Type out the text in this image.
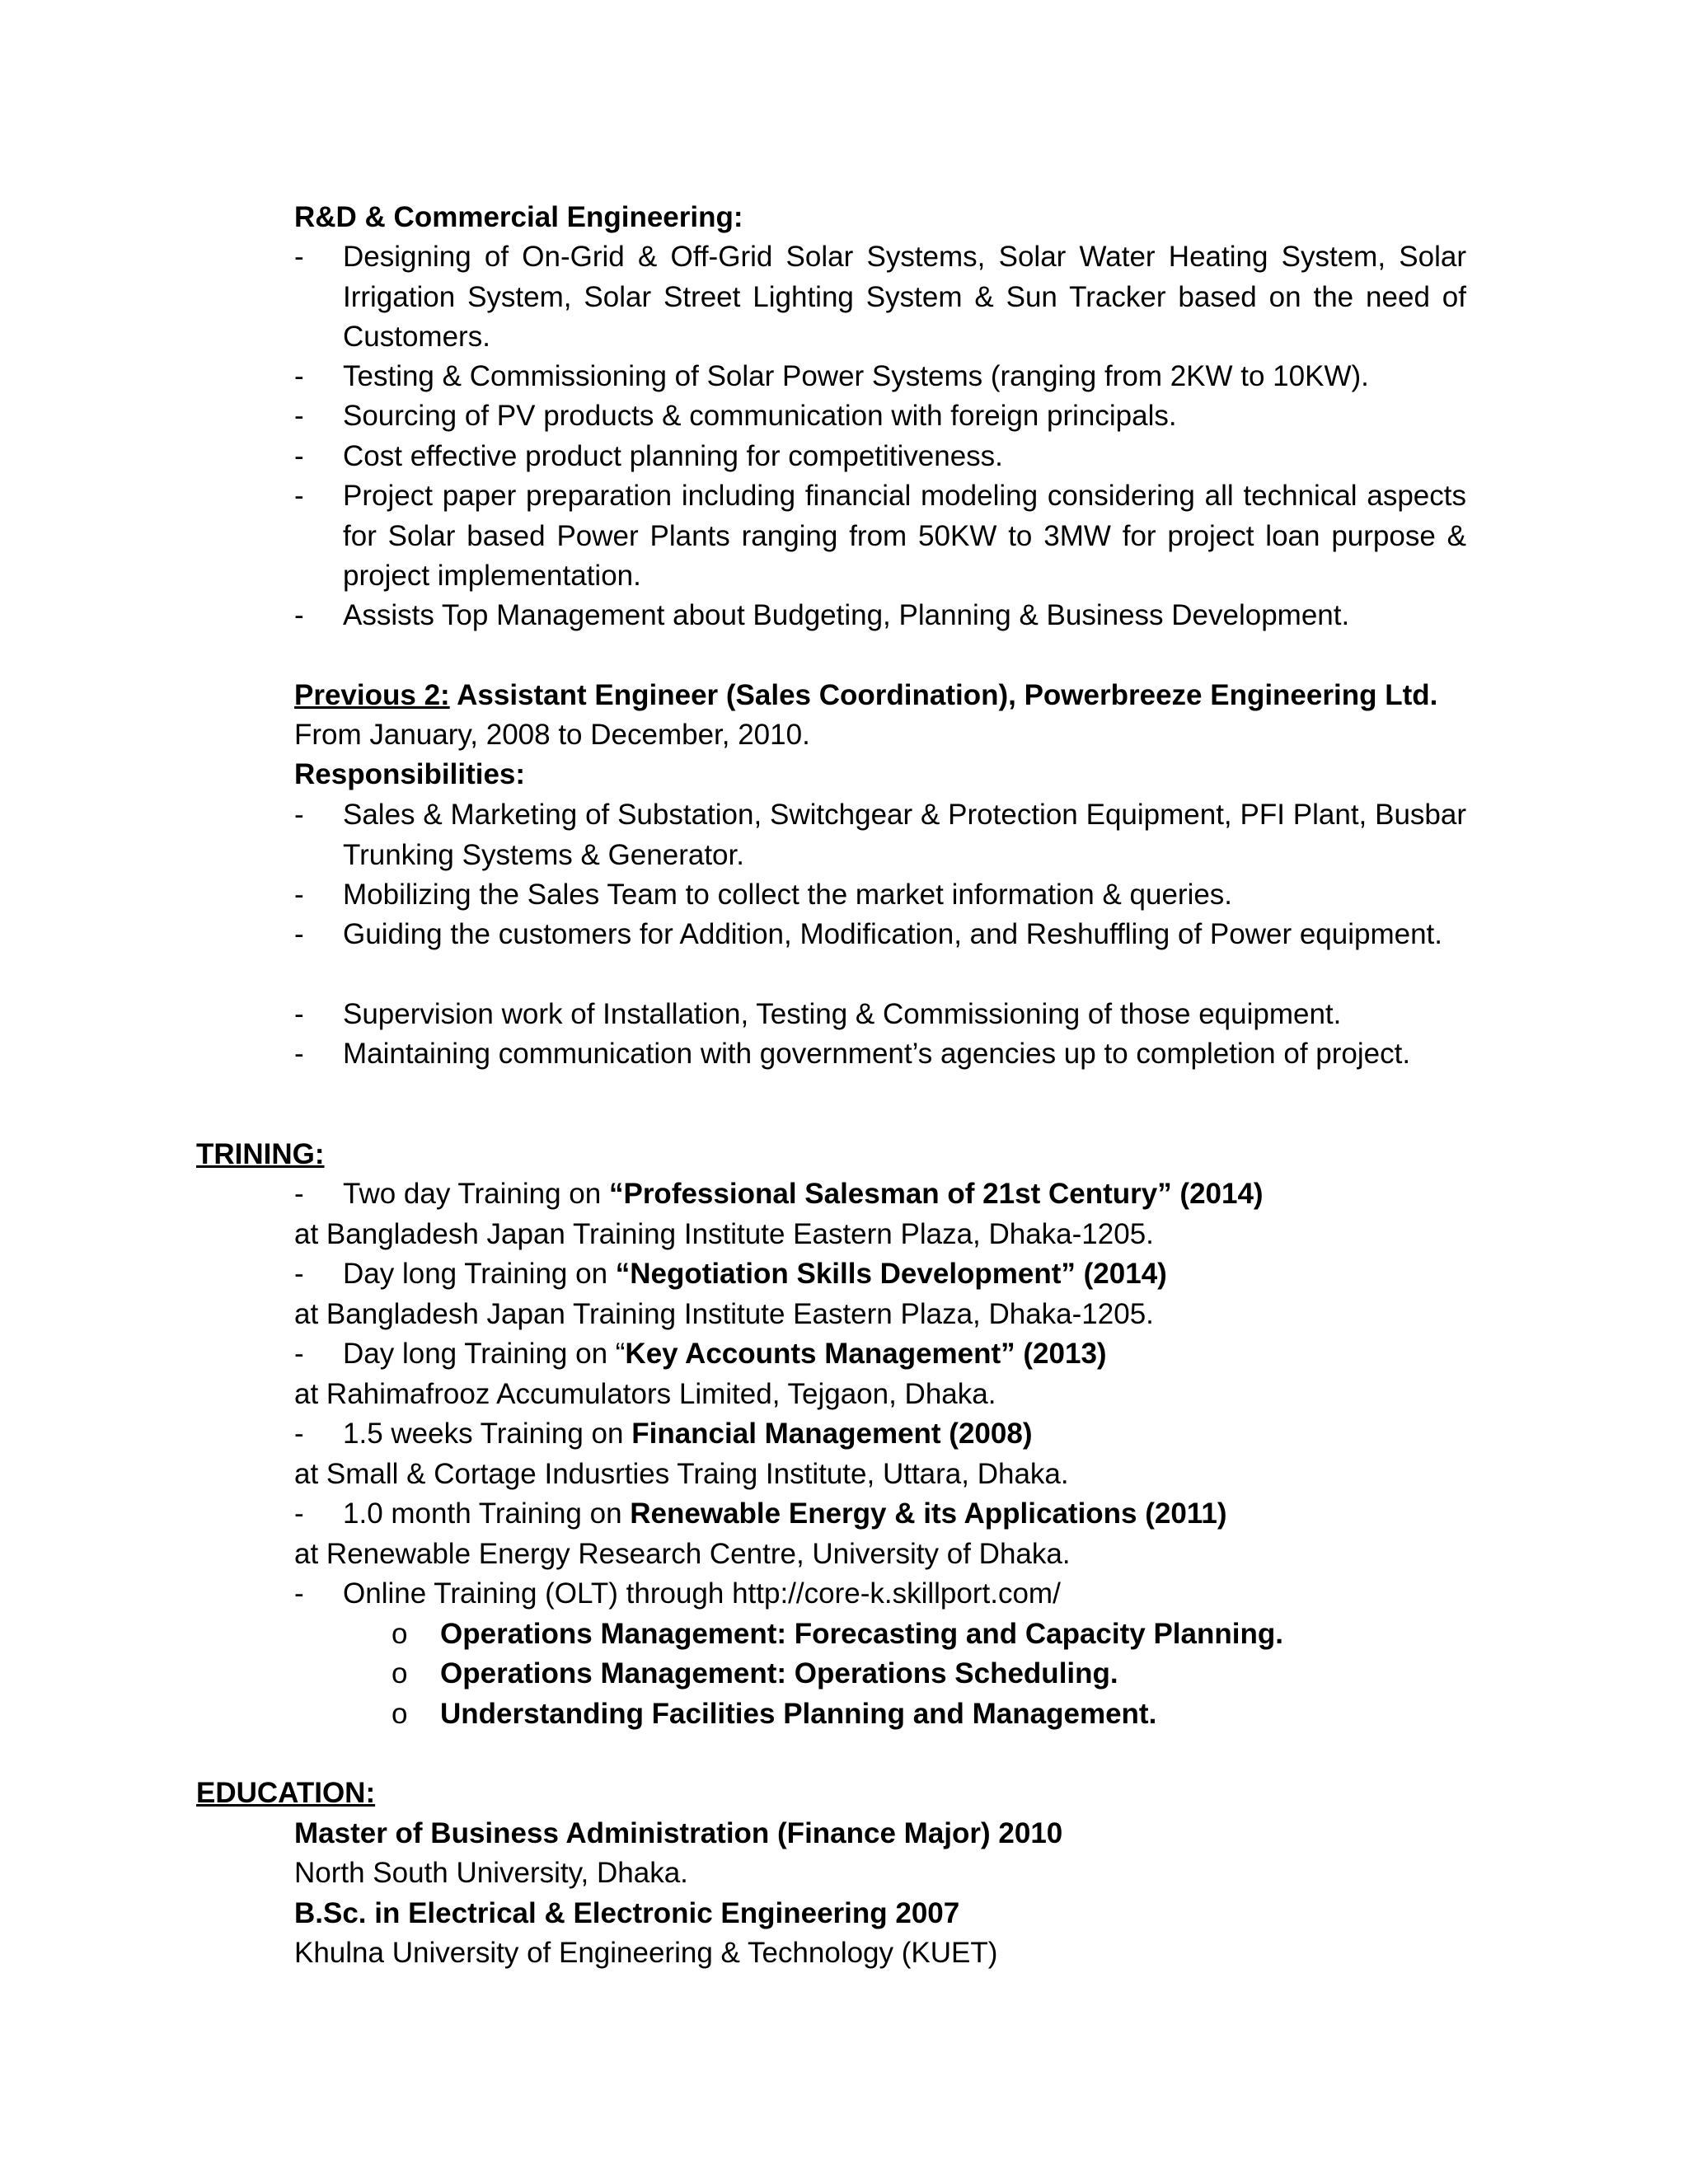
R&D & Commercial Engineering:
-	Designing of On-Grid & Off-Grid Solar Systems, Solar Water Heating System, Solar Irrigation System, Solar Street Lighting System & Sun Tracker based on the need of Customers.
-	Testing & Commissioning of Solar Power Systems (ranging from 2KW to 10KW).
-	Sourcing of PV products & communication with foreign principals.
-	Cost effective product planning for competitiveness.
-	Project paper preparation including financial modeling considering all technical aspects for Solar based Power Plants ranging from 50KW to 3MW for project loan purpose & project implementation.
-	Assists Top Management about Budgeting, Planning & Business Development.
Previous 2: Assistant Engineer (Sales Coordination), Powerbreeze Engineering Ltd.
From January, 2008 to December, 2010.
Responsibilities:
-	Sales & Marketing of Substation, Switchgear & Protection Equipment, PFI Plant, Busbar Trunking Systems & Generator.
-	Mobilizing the Sales Team to collect the market information & queries.
-	Guiding the customers for Addition, Modification, and Reshuffling of Power equipment.
-	Supervision work of Installation, Testing & Commissioning of those equipment.
-	Maintaining communication with government’s agencies up to completion of project.
TRINING:
-	Two day Training on “Professional Salesman of 21st Century” (2014)
at Bangladesh Japan Training Institute Eastern Plaza, Dhaka-1205.
-	Day long Training on “Negotiation Skills Development” (2014)
at Bangladesh Japan Training Institute Eastern Plaza, Dhaka-1205.
-	Day long Training on “Key Accounts Management” (2013)
at Rahimafrooz Accumulators Limited, Tejgaon, Dhaka.
-	1.5 weeks Training on Financial Management (2008)
at Small & Cortage Indusrties Traing Institute, Uttara, Dhaka.
-	1.0 month Training on Renewable Energy & its Applications (2011)
at Renewable Energy Research Centre, University of Dhaka.
-	Online Training (OLT) through http://core-k.skillport.com/
o Operations Management: Forecasting and Capacity Planning.
o Operations Management: Operations Scheduling.
o Understanding Facilities Planning and Management.
EDUCATION:
Master of Business Administration (Finance Major) 2010
North South University, Dhaka.
B.Sc. in Electrical & Electronic Engineering 2007
Khulna University of Engineering & Technology (KUET)
